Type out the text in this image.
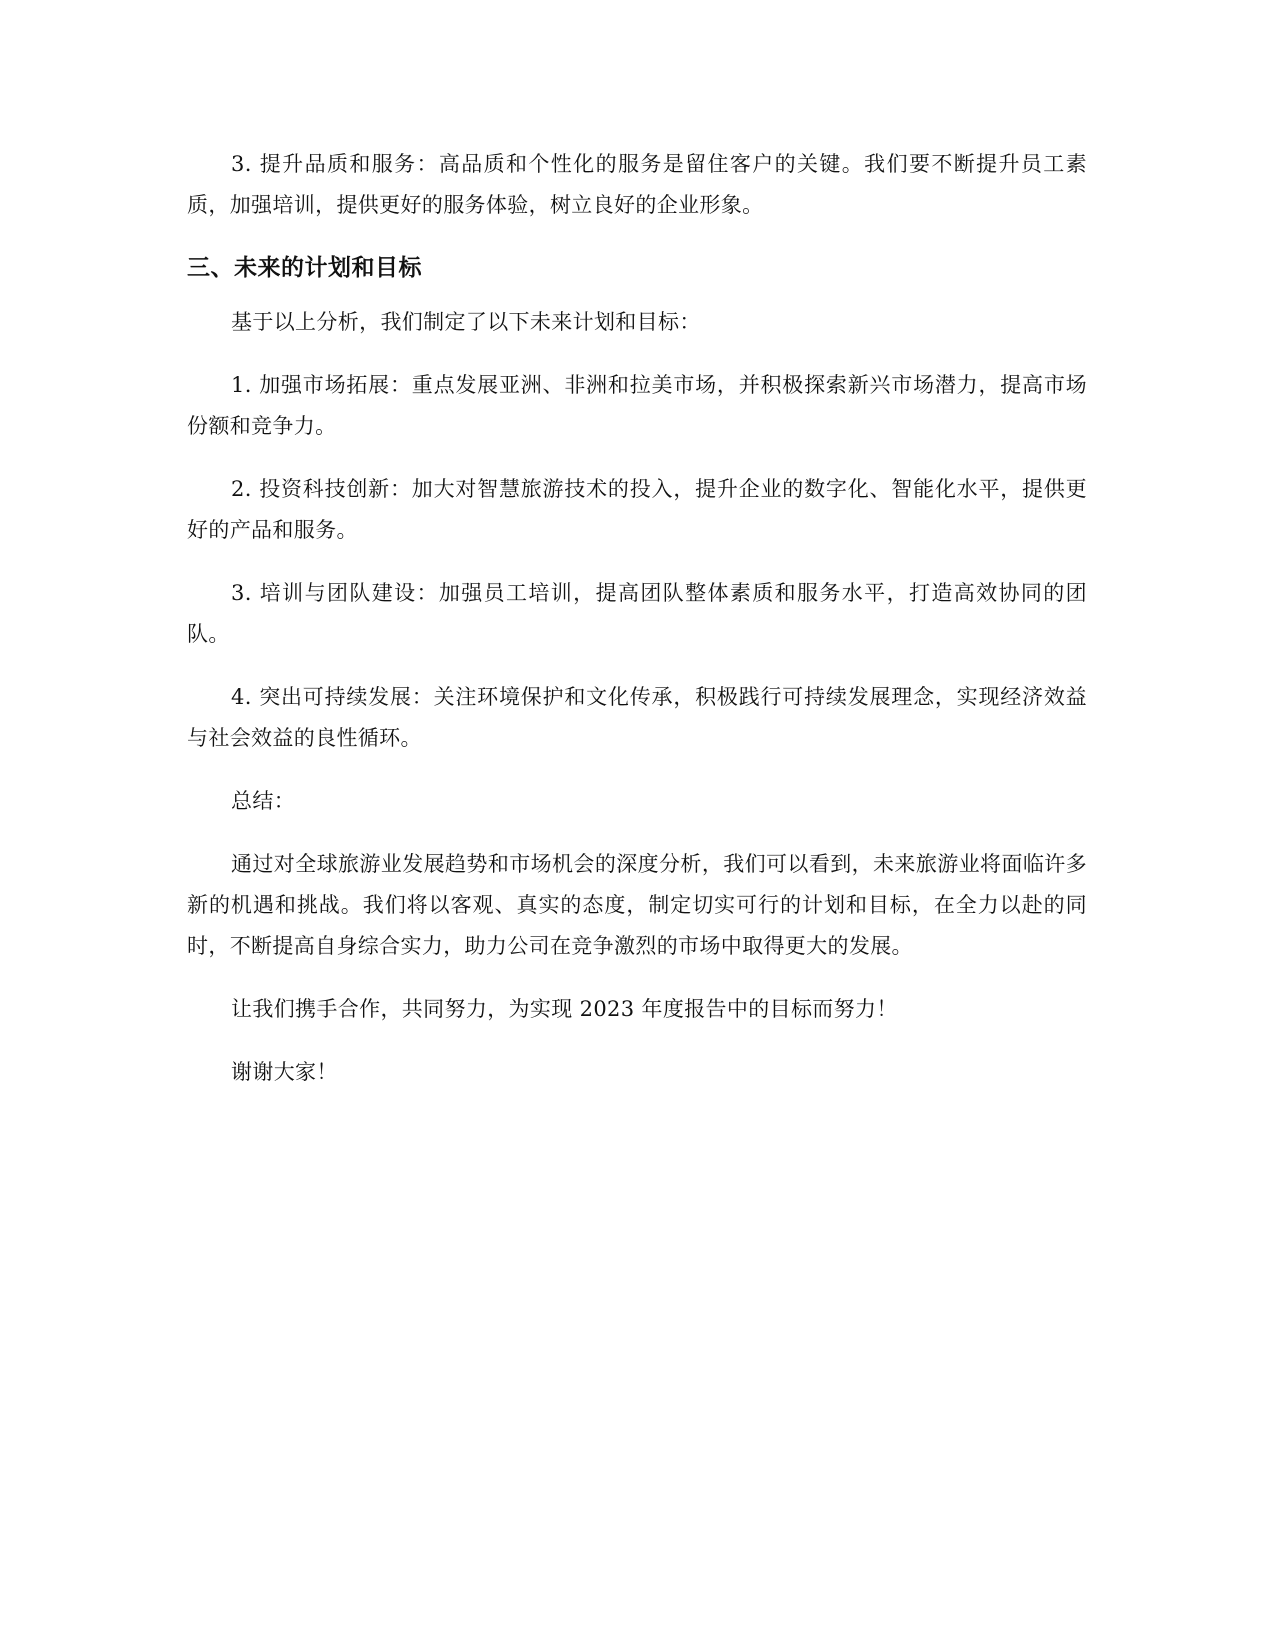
3. 提升品质和服务：高品质和个性化的服务是留住客户的关键。我们要不断提升员工素质，加强培训，提供更好的服务体验，树立良好的企业形象。

三、未来的计划和目标

基于以上分析，我们制定了以下未来计划和目标：

1. 加强市场拓展：重点发展亚洲、非洲和拉美市场，并积极探索新兴市场潜力，提高市场份额和竞争力。

2. 投资科技创新：加大对智慧旅游技术的投入，提升企业的数字化、智能化水平，提供更好的产品和服务。

3. 培训与团队建设：加强员工培训，提高团队整体素质和服务水平，打造高效协同的团队。

4. 突出可持续发展：关注环境保护和文化传承，积极践行可持续发展理念，实现经济效益与社会效益的良性循环。

总结：

通过对全球旅游业发展趋势和市场机会的深度分析，我们可以看到，未来旅游业将面临许多新的机遇和挑战。我们将以客观、真实的态度，制定切实可行的计划和目标，在全力以赴的同时，不断提高自身综合实力，助力公司在竞争激烈的市场中取得更大的发展。

让我们携手合作，共同努力，为实现 2023 年度报告中的目标而努力！

谢谢大家！
